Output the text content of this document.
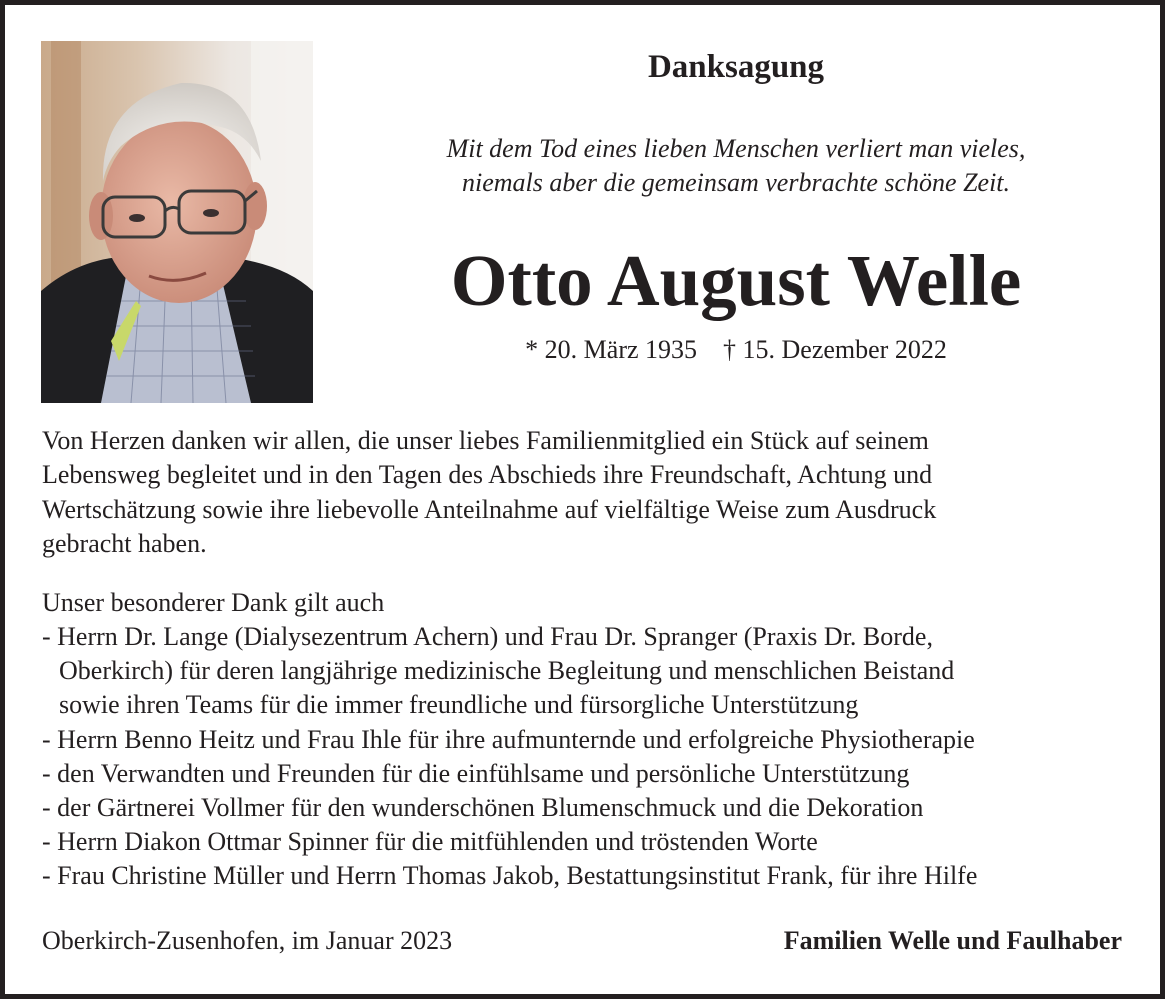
Danksagung
Mit dem Tod eines lieben Menschen verliert man vieles,
niemals aber die gemeinsam verbrachte schöne Zeit.
Otto August Welle
* 20. März 1935 † 15. Dezember 2022
Von Herzen danken wir allen, die unser liebes Familienmitglied ein Stück auf seinem
Lebensweg begleitet und in den Tagen des Abschieds ihre Freundschaft, Achtung und
Wertschätzung sowie ihre liebevolle Anteilnahme auf vielfältige Weise zum Ausdruck
gebracht haben.
Unser besonderer Dank gilt auch
- Herrn Dr. Lange (Dialysezentrum Achern) und Frau Dr. Spranger (Praxis Dr. Borde,
Oberkirch) für deren langjährige medizinische Begleitung und menschlichen Beistand
sowie ihren Teams für die immer freundliche und fürsorgliche Unterstützung
- Herrn Benno Heitz und Frau Ihle für ihre aufmunternde und erfolgreiche Physiotherapie
- den Verwandten und Freunden für die einfühlsame und persönliche Unterstützung
- der Gärtnerei Vollmer für den wunderschönen Blumenschmuck und die Dekoration
- Herrn Diakon Ottmar Spinner für die mitfühlenden und tröstenden Worte
- Frau Christine Müller und Herrn Thomas Jakob, Bestattungsinstitut Frank, für ihre Hilfe
Oberkirch-Zusenhofen, im Januar 2023	Familien Welle und Faulhaber
